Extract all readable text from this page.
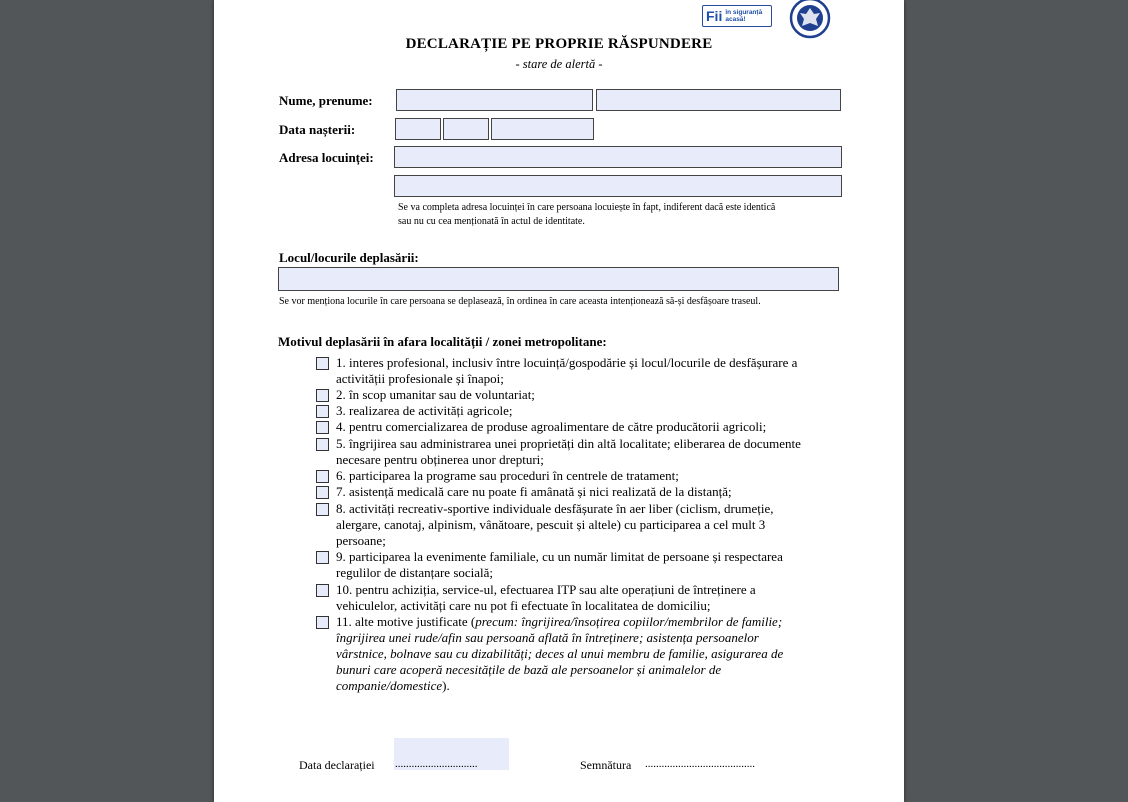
Fii în siguranță
acasă!
DECLARAȚIE PE PROPRIE RĂSPUNDERE
- stare de alertă -
Nume, prenume:
Data nașterii:
Adresa locuinței:
Se va completa adresa locuinței în care persoana locuiește în fapt, indiferent dacă este identică
sau nu cu cea menționată în actul de identitate.
Locul/locurile deplasării:
Se vor menționa locurile în care persoana se deplasează, în ordinea în care aceasta intenționează să-și desfășoare traseul.
Motivul deplasării în afara localității / zonei metropolitane:
1. interes profesional, inclusiv între locuință/gospodărie și locul/locurile de desfășurare a activității profesionale și înapoi;
2. în scop umanitar sau de voluntariat;
3. realizarea de activități agricole;
4. pentru comercializarea de produse agroalimentare de către producătorii agricoli;
5. îngrijirea sau administrarea unei proprietăți din altă localitate; eliberarea de documente necesare pentru obținerea unor drepturi;
6. participarea la programe sau proceduri în centrele de tratament;
7. asistență medicală care nu poate fi amânată și nici realizată de la distanță;
8. activități recreativ-sportive individuale desfășurate în aer liber (ciclism, drumeție, alergare, canotaj, alpinism, vânătoare, pescuit și altele) cu participarea a cel mult 3 persoane;
9. participarea la evenimente familiale, cu un număr limitat de persoane și respectarea regulilor de distanțare socială;
10. pentru achiziția, service-ul, efectuarea ITP sau alte operațiuni de întreținere a vehiculelor, activități care nu pot fi efectuate în localitatea de domiciliu;
11. alte motive justificate (precum: îngrijirea/însoțirea copiilor/membrilor de familie; îngrijirea unei rude/afin sau persoană aflată în întreținere; asistența persoanelor vârstnice, bolnave sau cu dizabilități; deces al unui membru de familie, asigurarea de bunuri care acoperă necesitățile de bază ale persoanelor și animalelor de companie/domestice).
Data declarației ..............................	Semnătura ........................................
